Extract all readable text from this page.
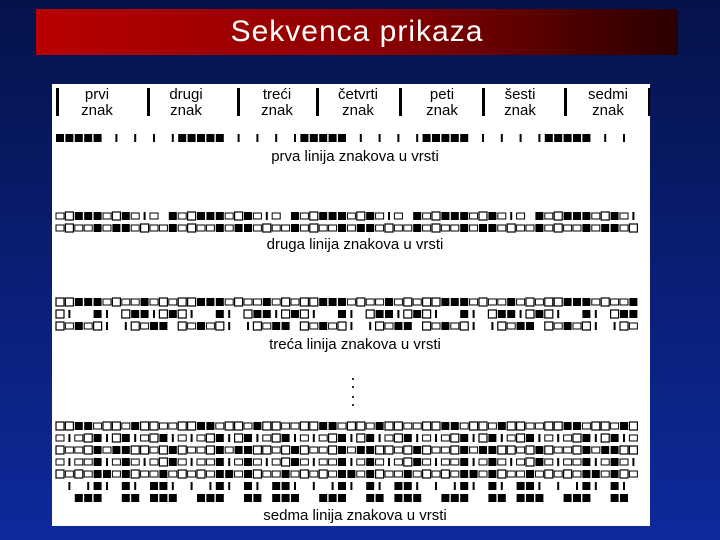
Sekvenca prikaza
prvi
znak
drugi
znak
treći
znak
četvrti
znak
peti
znak
šesti
znak
sedmi
znak
prva linija znakova u vrsti
druga linija znakova u vrsti
treća linija znakova u vrsti
:
:
sedma linija znakova u vrsti
